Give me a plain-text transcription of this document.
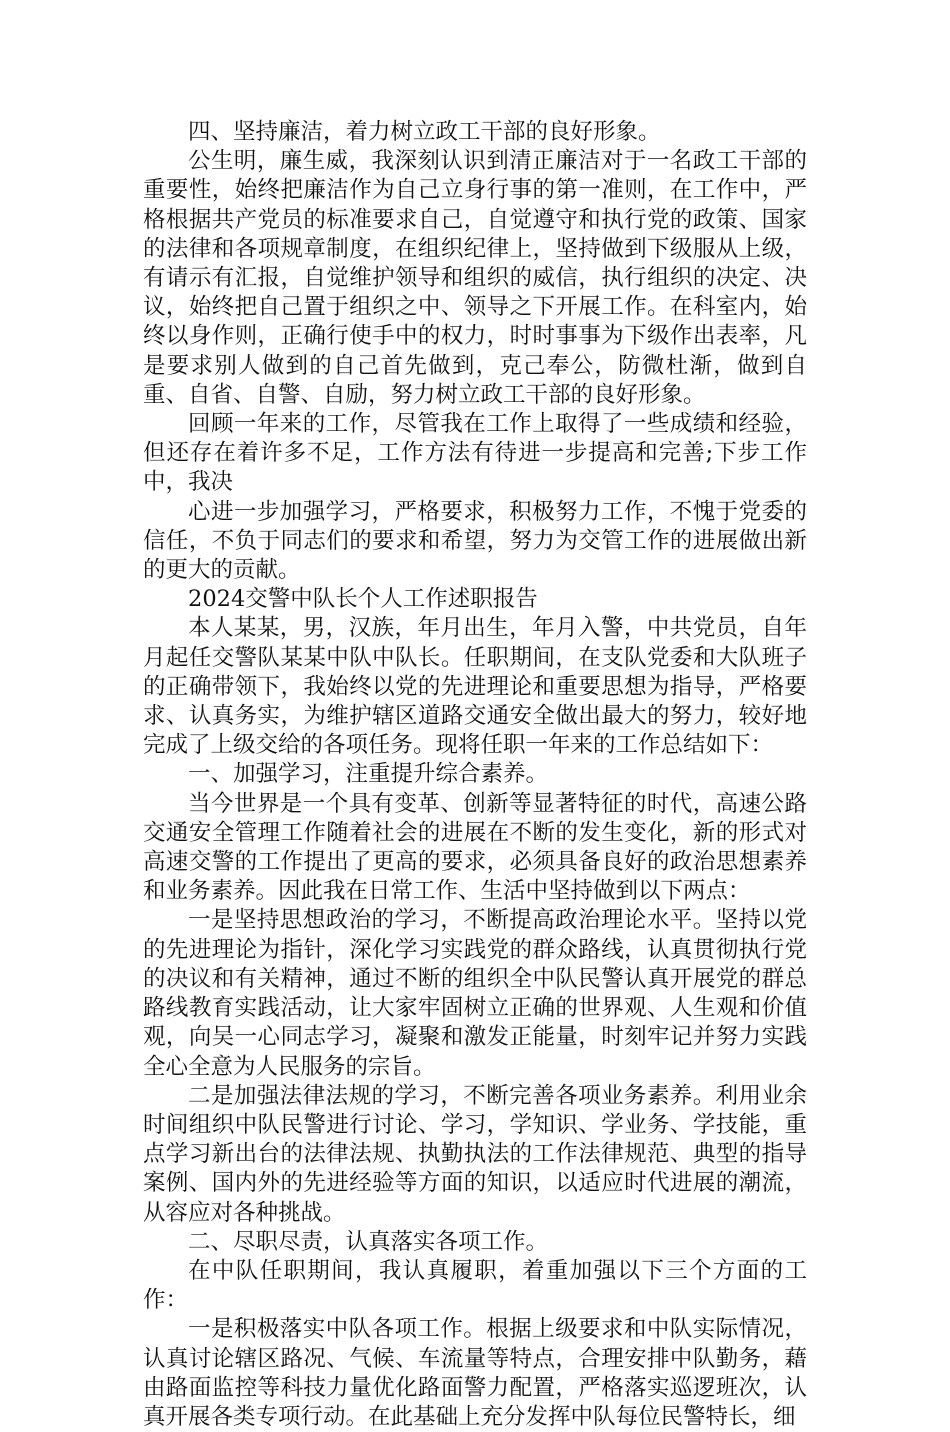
四、坚持廉洁，着力树立政工干部的良好形象。

公生明，廉生威，我深刻认识到清正廉洁对于一名政工干部的重要性，始终把廉洁作为自己立身行事的第一准则，在工作中，严格根据共产党员的标准要求自己，自觉遵守和执行党的政策、国家的法律和各项规章制度，在组织纪律上，坚持做到下级服从上级，有请示有汇报，自觉维护领导和组织的威信，执行组织的决定、决议，始终把自己置于组织之中、领导之下开展工作。在科室内，始终以身作则，正确行使手中的权力，时时事事为下级作出表率，凡是要求别人做到的自己首先做到，克己奉公，防微杜渐，做到自重、自省、自警、自励，努力树立政工干部的良好形象。

回顾一年来的工作，尽管我在工作上取得了一些成绩和经验，但还存在着许多不足，工作方法有待进一步提高和完善;下步工作中，我决

心进一步加强学习，严格要求，积极努力工作，不愧于党委的信任，不负于同志们的要求和希望，努力为交管工作的进展做出新的更大的贡献。

2024交警中队长个人工作述职报告

本人某某，男，汉族，年月出生，年月入警，中共党员，自年月起任交警队某某中队中队长。任职期间，在支队党委和大队班子的正确带领下，我始终以党的先进理论和重要思想为指导，严格要求、认真务实，为维护辖区道路交通安全做出最大的努力，较好地完成了上级交给的各项任务。现将任职一年来的工作总结如下：

一、加强学习，注重提升综合素养。

当今世界是一个具有变革、创新等显著特征的时代，高速公路交通安全管理工作随着社会的进展在不断的发生变化，新的形式对高速交警的工作提出了更高的要求，必须具备良好的政治思想素养和业务素养。因此我在日常工作、生活中坚持做到以下两点：

一是坚持思想政治的学习，不断提高政治理论水平。坚持以党的先进理论为指针，深化学习实践党的群众路线，认真贯彻执行党的决议和有关精神，通过不断的组织全中队民警认真开展党的群总路线教育实践活动，让大家牢固树立正确的世界观、人生观和价值观，向吴一心同志学习，凝聚和激发正能量，时刻牢记并努力实践全心全意为人民服务的宗旨。

二是加强法律法规的学习，不断完善各项业务素养。利用业余时间组织中队民警进行讨论、学习，学知识、学业务、学技能，重点学习新出台的法律法规、执勤执法的工作法律规范、典型的指导案例、国内外的先进经验等方面的知识，以适应时代进展的潮流，从容应对各种挑战。

二、尽职尽责，认真落实各项工作。

在中队任职期间，我认真履职，着重加强以下三个方面的工作：

一是积极落实中队各项工作。根据上级要求和中队实际情况，认真讨论辖区路况、气候、车流量等特点，合理安排中队勤务，藉由路面监控等科技力量优化路面警力配置，严格落实巡逻班次，认真开展各类专项行动。在此基础上充分发挥中队每位民警特长，细
